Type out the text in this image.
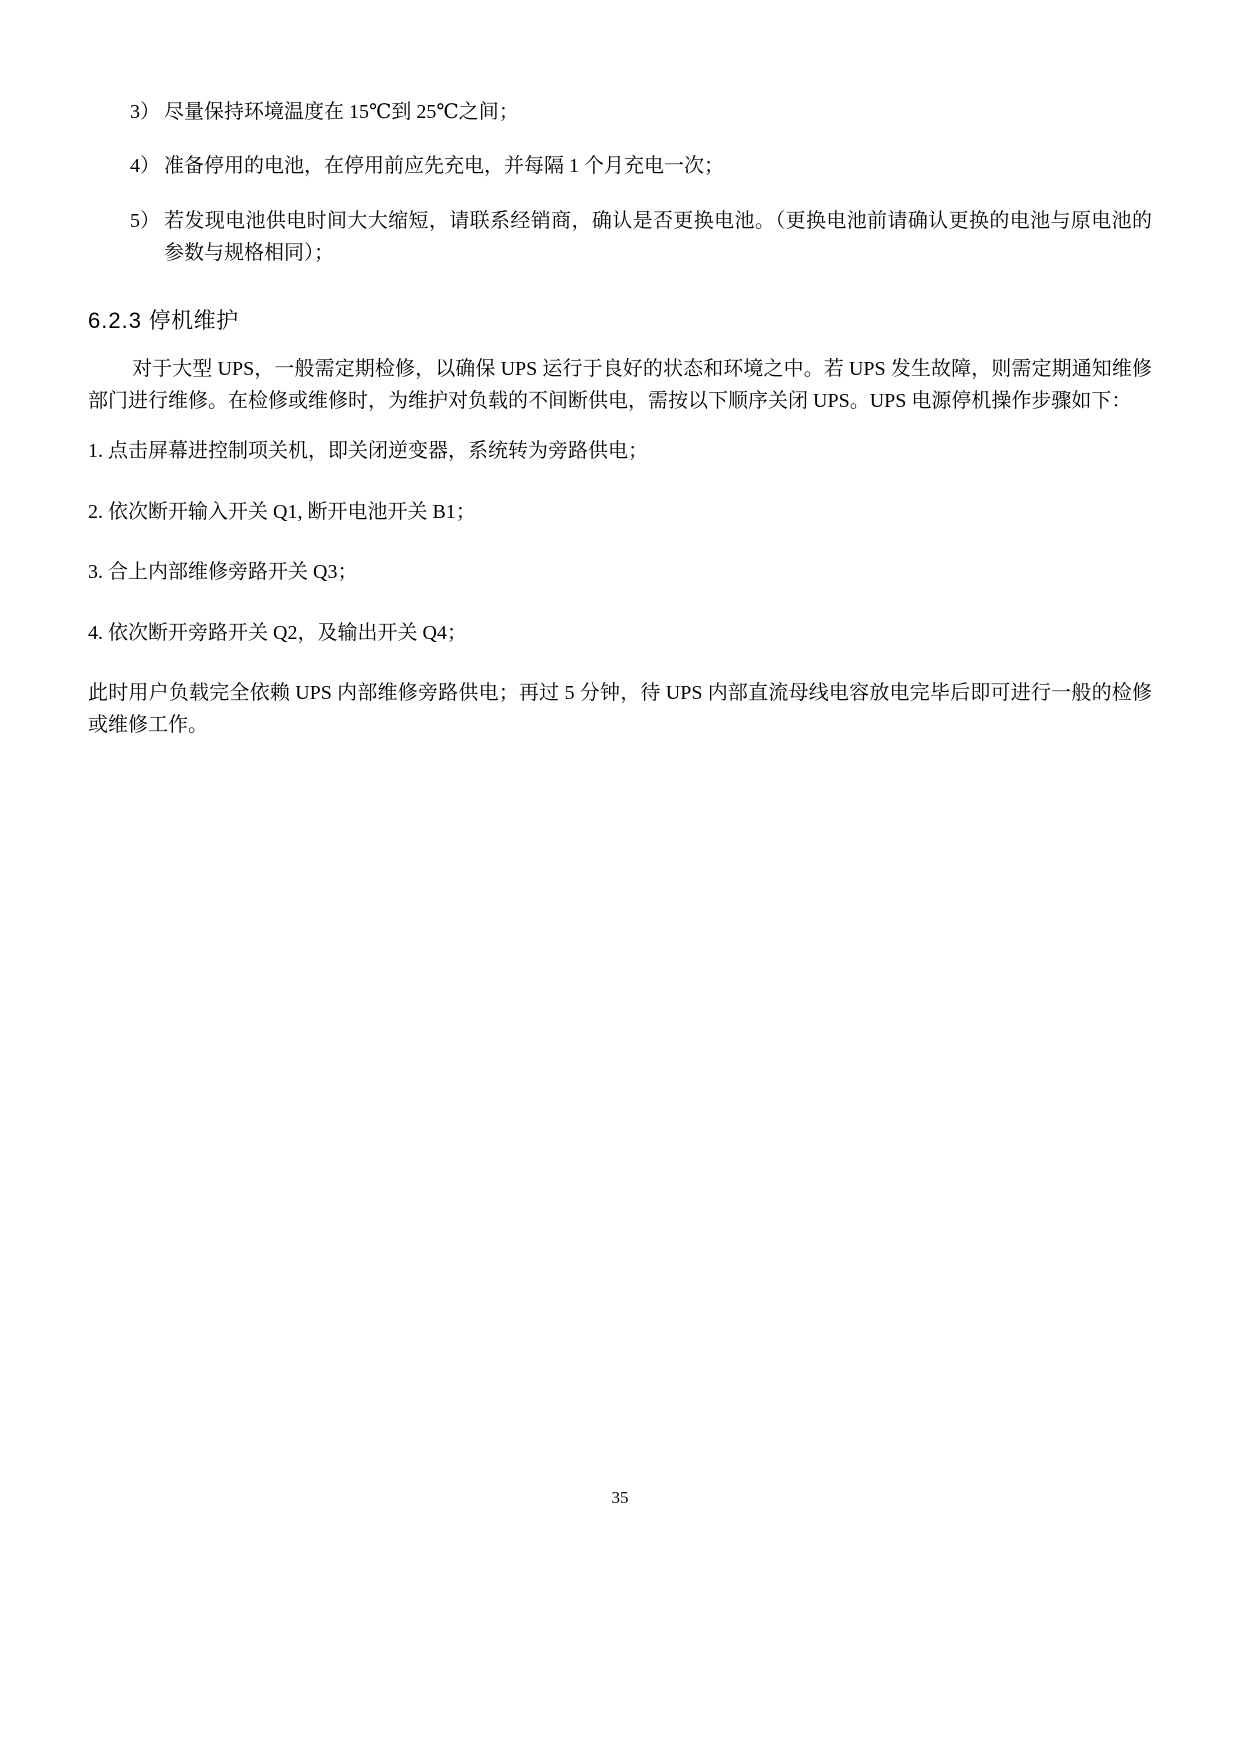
3） 尽量保持环境温度在 15℃到 25℃之间；
4） 准备停用的电池，在停用前应先充电，并每隔 1 个月充电一次；
5） 若发现电池供电时间大大缩短，请联系经销商，确认是否更换电池。（更换电池前请确认更换的电池与原电池的参数与规格相同）；
6.2.3 停机维护

对于大型 UPS，一般需定期检修，以确保 UPS 运行于良好的状态和环境之中。若 UPS 发生故障，则需定期通知维修部门进行维修。在检修或维修时，为维护对负载的不间断供电，需按以下顺序关闭 UPS。UPS 电源停机操作步骤如下：

1. 点击屏幕进控制项关机，即关闭逆变器，系统转为旁路供电；

2. 依次断开输入开关 Q1, 断开电池开关 B1；

3. 合上内部维修旁路开关 Q3；

4. 依次断开旁路开关 Q2，及输出开关 Q4；

此时用户负载完全依赖 UPS 内部维修旁路供电；再过 5 分钟，待 UPS 内部直流母线电容放电完毕后即可进行一般的检修或维修工作。

35
